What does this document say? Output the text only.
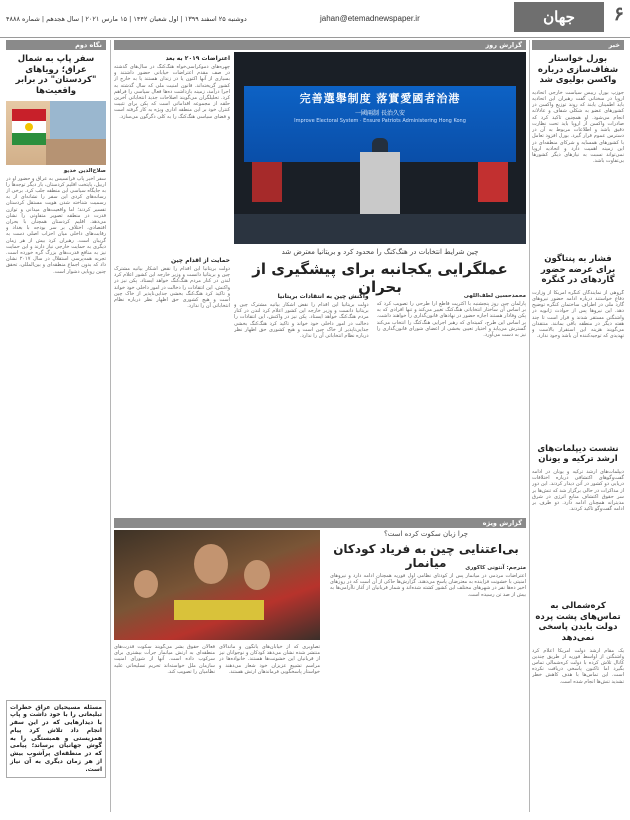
۶
جهان
jahan@etemadnewspaper.ir
دوشنبه ۲۵ اسفند ۱۳۹۹ | اول شعبان ۱۴۴۲ | ۱۵ مارس ۲۰۲۱ | سال هجدهم | شماره ۴۸۸۸
خبر
بورل خواستار شفاف‌سازی درباره واکسن بولیوی شد
جوزپ بورل رییس سیاست خارجی اتحادیه اروپا در سخنانی گفت رهبران این اتحادیه باید اطمینان یابند که روند توزیع واکسن در کشورهای عضو به شکلی شفاف و عادلانه انجام می‌شود. او همچنین تاکید کرد که صادرات واکسن از اروپا باید تحت نظارت دقیق باشد و اطلاعات مربوط به آن در دسترس عموم قرار گیرد. بورل افزود تعامل با کشورهای همسایه و شرکای منطقه‌ای در این زمینه اهمیت دارد و اتحادیه اروپا نمی‌تواند نسبت به نیازهای دیگر کشورها بی‌تفاوت باشد.
فشار به پنتاگون برای عرضه حضور گاردهای در کنگره
گروهی از نمایندگان کنگره آمریکا از وزارت دفاع خواستند درباره ادامه حضور نیروهای گارد ملی در اطراف ساختمان کنگره توضیح دهد. این نیروها پس از حوادث ژانویه در واشنگتن مستقر شدند و قرار است تا چند هفته دیگر در منطقه باقی بمانند. منتقدان می‌گویند هزینه این استقرار بالاست و تهدیدی که توجیه‌کننده آن باشد وجود ندارد.
نشست دیپلمات‌های ارشد ترکیه و یونان
دیپلمات‌های ارشد ترکیه و یونان در ادامه گفت‌وگوهای اکتشافی درباره اختلافات دریایی دو کشور در آتن دیدار کردند. این دور از مذاکرات در حالی برگزار شد که تنش‌ها بر سر حقوق اکتشاف منابع انرژی در شرق مدیترانه همچنان ادامه دارد. دو طرف بر ادامه گفت‌وگو تاکید کردند.
کره‌شمالی به تماس‌های پشت پرده دولت بایدن پاسخی نمی‌دهد
یک مقام ارشد دولت آمریکا اعلام کرد واشنگتن از اواسط فوریه از طریق چندین کانال تلاش کرده با دولت کره‌شمالی تماس بگیرد اما تاکنون پاسخی دریافت نکرده است. این تماس‌ها با هدف کاهش خطر تشدید تنش‌ها انجام شده است.
گزارش روز
完善選舉制度 落實愛國者治港
一國兩制 長治久安
Improve Electoral System · Ensure Patriots Administering Hong Kong
اعتراضات ۲۰۱۹ به بعد
چهره‌های دموکراسی‌خواه هنگ‌کنگ در سال‌های گذشته در صف مقدم اعتراضات خیابانی حضور داشتند و بسیاری از آنها اکنون یا در زندان هستند یا به خارج از کشور گریخته‌اند. قانون امنیت ملی که سال گذشته به اجرا درآمد، زمینه بازداشت ده‌ها فعال سیاسی را فراهم کرد. تحلیلگران می‌گویند اصلاحات جدید انتخاباتی آخرین حلقه از مجموعه اقداماتی است که پکن برای تثبیت کنترل خود بر این منطقه اداری ویژه به کار گرفته است و فضای سیاسی هنگ‌کنگ را به کلی دگرگون می‌سازد.
حمایت از اقدام چین
دولت بریتانیا این اقدام را نقض آشکار بیانیه مشترک چین و بریتانیا دانست و وزیر خارجه این کشور اعلام کرد لندن در کنار مردم هنگ‌کنگ خواهد ایستاد. پکن نیز در واکنش، این انتقادات را دخالت در امور داخلی خود خواند و تاکید کرد هنگ‌کنگ بخشی جدایی‌ناپذیر از خاک چین است و هیچ کشوری حق اظهار نظر درباره نظام انتخاباتی آن را ندارد.
چین شرایط انتخابات در هنگ‌کنگ را محدود کرد و بریتانیا معترض شد
عملگرایی یکجانبه برای پیشگیری از بحران	محمدحسین لطف‌اللهی
پارلمان چین روز پنجشنبه با اکثریت قاطع آرا طرحی را تصویب کرد که بر اساس آن ساختار انتخاباتی هنگ‌کنگ تغییر می‌کند و تنها افرادی که به پکن وفادار هستند اجازه حضور در نهادهای قانون‌گذاری را خواهند داشت. بر اساس این طرح، کمیته‌ای که رهبر اجرایی هنگ‌کنگ را انتخاب می‌کند گسترش می‌یابد و اختیار تعیین بخشی از اعضای شورای قانون‌گذاری را نیز به دست می‌آورد.
واکنش چین به انتقادات بریتانیا
دولت بریتانیا این اقدام را نقض آشکار بیانیه مشترک چین و بریتانیا دانست و وزیر خارجه این کشور اعلام کرد لندن در کنار مردم هنگ‌کنگ خواهد ایستاد. پکن نیز در واکنش، این انتقادات را دخالت در امور داخلی خود خواند و تاکید کرد هنگ‌کنگ بخشی جدایی‌ناپذیر از خاک چین است و هیچ کشوری حق اظهار نظر درباره نظام انتخاباتی آن را ندارد.
گزارش ویژه
چرا زبان سکوت کرده است؟
بی‌اعتنایی چین به فریاد کودکان میانمار	مترجم: آنتونی کاکوری
اعتراضات مردمی در میانمار پس از کودتای نظامی اول فوریه همچنان ادامه دارد و نیروهای امنیتی با خشونت فزاینده به معترضان پاسخ می‌دهند. گزارش‌ها حاکی از آن است که در روزهای اخیر ده‌ها نفر در شهرهای مختلف این کشور کشته شده‌اند و شمار قربانیان از آغاز ناآرامی‌ها به بیش از صد تن رسیده است.
تصاویری که از خیابان‌های یانگون و ماندالای منتشر شده نشان می‌دهد کودکان و نوجوانان نیز از قربانیان این خشونت‌ها هستند. خانواده‌ها در مراسم تشییع عزیزان خود شعار می‌دهند و خواستار پاسخگویی فرماندهان ارتش هستند.
فعالان حقوق بشر می‌گویند سکوت قدرت‌های منطقه‌ای به ارتش میانمار جرأت بیشتری برای سرکوب داده است. آنها از شورای امنیت سازمان ملل خواسته‌اند تحریم تسلیحاتی علیه نظامیان را تصویب کند.
نگاه دوم
سفر پاپ به شمال عراق؛ رویاهای "کردستان" در برابر واقعیت‌ها
صلاح‌الدین خدیو
سفر اخیر پاپ فرانسیس به عراق و حضور او در اربیل، پایتخت اقلیم کردستان، بار دیگر توجه‌ها را به جایگاه سیاسی این منطقه جلب کرد. برخی از رسانه‌های کردی این سفر را نشانه‌ای از به رسمیت شناخته شدن هویت مستقل کردستان تفسیر کردند؛ اما واقعیت‌های میدانی و توازن قدرت در منطقه تصویر متفاوتی را نشان می‌دهد. اقلیم کردستان همچنان با بحران اقتصادی، اختلاف بر سر بودجه با بغداد و رقابت‌های داخلی میان احزاب اصلی دست به گریبان است. رهبران کرد بیش از هر زمان دیگری به حمایت خارجی نیاز دارند و این حمایت نیز به منافع قدرت‌های بزرگ گره خورده است. تجربه همه‌پرسی استقلال در سال ۲۰۱۷ نشان داد که بدون اجماع منطقه‌ای و بین‌المللی، تحقق چنین رویایی دشوار است.
مسئله مسیحیان عراق خطرات تبلیغاتی را با خود داشت و پاپ با دیدارهایی که در این سفر انجام داد تلاش کرد پیام همزیستی و همبستگی را به گوش جهانیان برساند؛ پیامی که در منطقه‌ای پرآشوب بیش از هر زمان دیگری به آن نیاز است.
